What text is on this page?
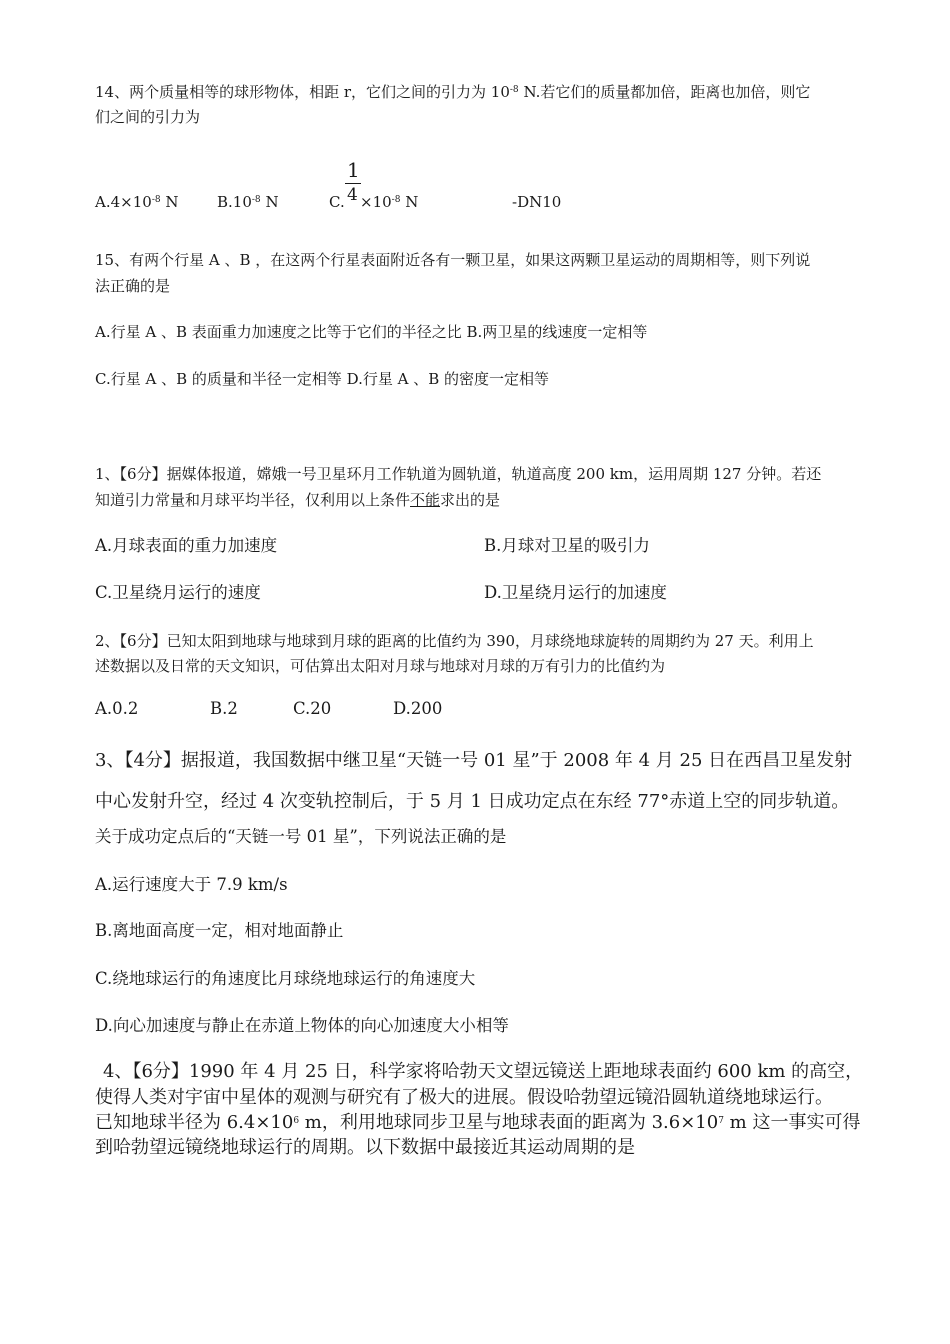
14、两个质量相等的球形物体，相距 r，它们之间的引力为 $10^{-8}$ N.若它们的质量都加倍，距离也加倍，则它
们之间的引力为
$A.4\times 10^{-8}$ N	$B.10^{-8}$ N
1
4
C. $\times 10^{-8}$ N	-DN10
15、有两个行星 A 、B ，在这两个行星表面附近各有一颗卫星，如果这两颗卫星运动的周期相等，则下列说
法正确的是
A.行星 A 、B 表面重力加速度之比等于它们的半径之比 B.两卫星的线速度一定相等
C.行星 A 、B 的质量和半径一定相等 D.行星 A 、B 的密度一定相等
1、【6分】据媒体报道，嫦娥一号卫星环月工作轨道为圆轨道，轨道高度 200 km，运用周期 127 分钟。若还
知道引力常量和月球平均半径，仅利用以上条件不能求出的是
A.月球表面的重力加速度	B.月球对卫星的吸引力
C.卫星绕月运行的速度	D.卫星绕月运行的加速度
2、【6分】已知太阳到地球与地球到月球的距离的比值约为 390，月球绕地球旋转的周期约为 27 天。利用上
述数据以及日常的天文知识，可估算出太阳对月球与地球对月球的万有引力的比值约为
A.0.2	B.2	C.20	D.200
3、【4分】据报道，我国数据中继卫星“天链一号 01 星”于 2008 年 4 月 25 日在西昌卫星发射
中心发射升空，经过 4 次变轨控制后，于 5 月 1 日成功定点在东经 77°赤道上空的同步轨道。
关于成功定点后的“天链一号 01 星”，下列说法正确的是
A.运行速度大于 7.9 km/s
B.离地面高度一定，相对地面静止
C.绕地球运行的角速度比月球绕地球运行的角速度大
D.向心加速度与静止在赤道上物体的向心加速度大小相等
4、【6分】1990 年 4 月 25 日，科学家将哈勃天文望远镜送上距地球表面约 600 km 的高空，
使得人类对宇宙中星体的观测与研究有了极大的进展。假设哈勃望远镜沿圆轨道绕地球运行。
已知地球半径为 $6.4\times 10^6$ m，利用地球同步卫星与地球表面的距离为 $3.6\times 10^7$ m 这一事实可得
到哈勃望远镜绕地球运行的周期。以下数据中最接近其运动周期的是
